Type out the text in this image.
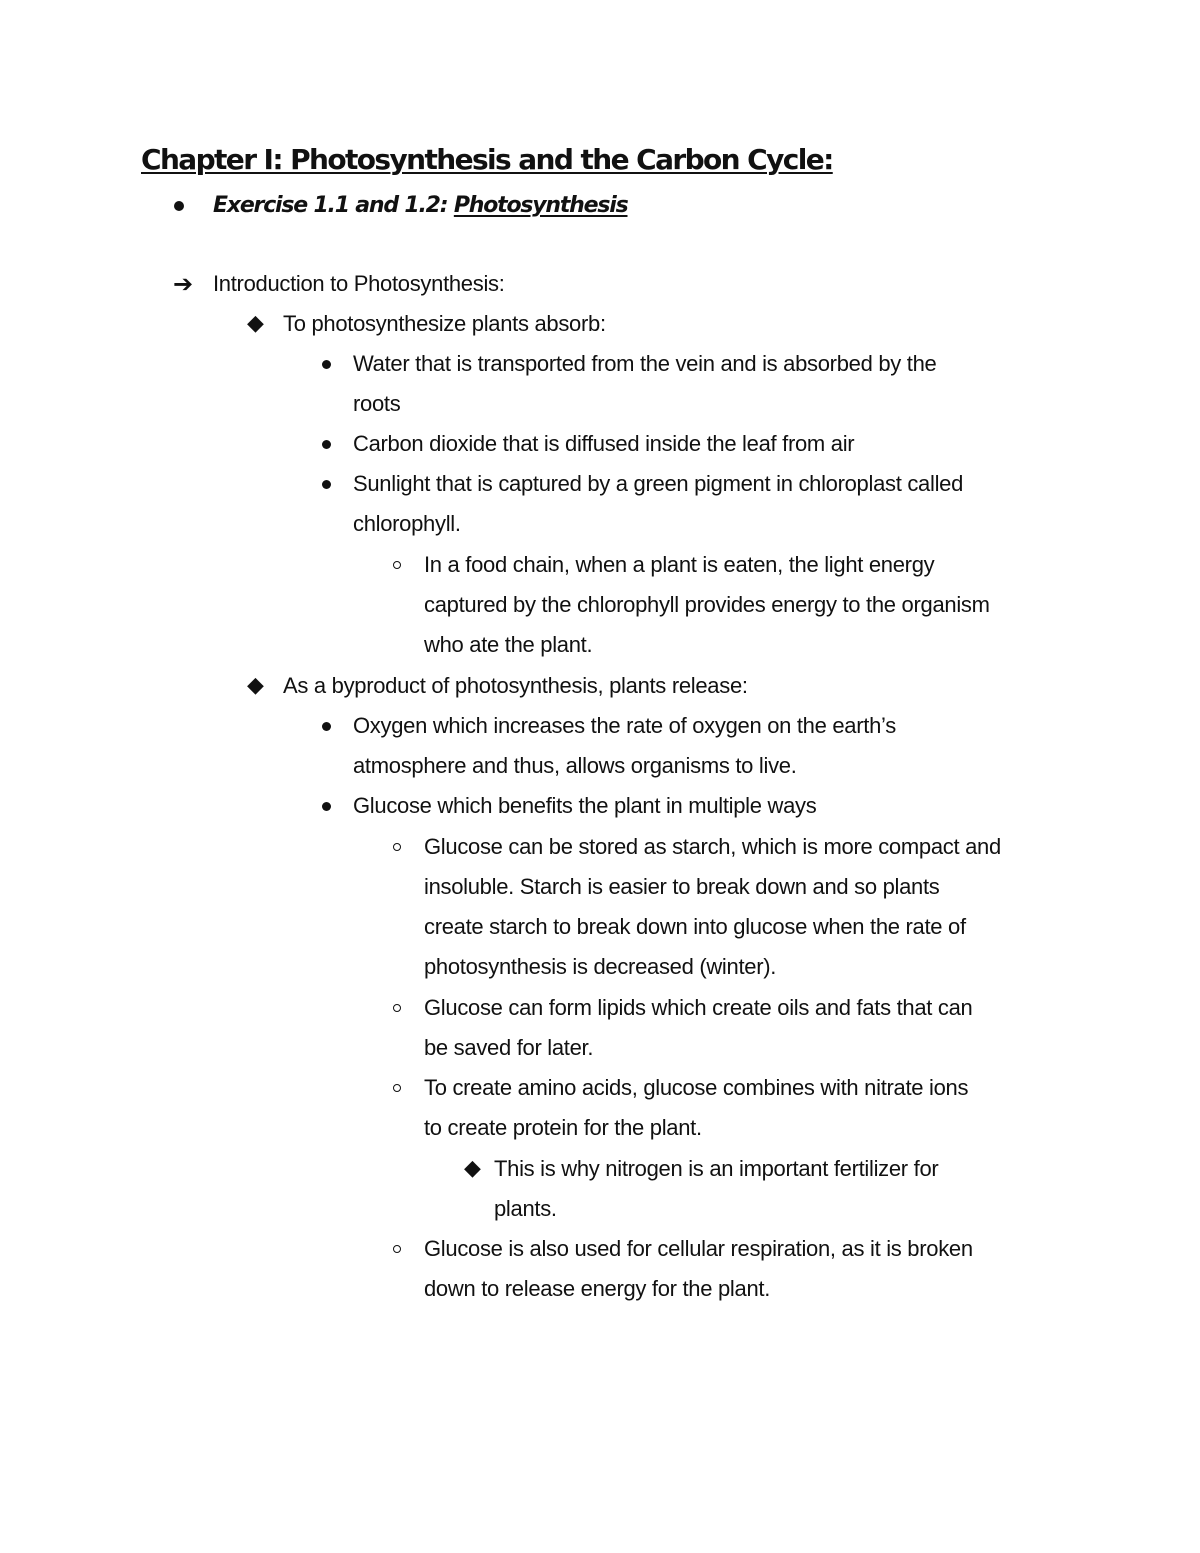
Chapter I: Photosynthesis and the Carbon Cycle:
Exercise 1.1 and 1.2: Photosynthesis
➔ Introduction to Photosynthesis:
◆ To photosynthesize plants absorb:
Water that is transported from the vein and is absorbed by the
roots
Carbon dioxide that is diffused inside the leaf from air
Sunlight that is captured by a green pigment in chloroplast called
chlorophyll.
In a food chain, when a plant is eaten, the light energy
captured by the chlorophyll provides energy to the organism
who ate the plant.
◆ As a byproduct of photosynthesis, plants release:
Oxygen which increases the rate of oxygen on the earth’s
atmosphere and thus, allows organisms to live.
Glucose which benefits the plant in multiple ways
Glucose can be stored as starch, which is more compact and
insoluble. Starch is easier to break down and so plants
create starch to break down into glucose when the rate of
photosynthesis is decreased (winter).
Glucose can form lipids which create oils and fats that can
be saved for later.
To create amino acids, glucose combines with nitrate ions
to create protein for the plant.
◆ This is why nitrogen is an important fertilizer for
plants.
Glucose is also used for cellular respiration, as it is broken
down to release energy for the plant.
